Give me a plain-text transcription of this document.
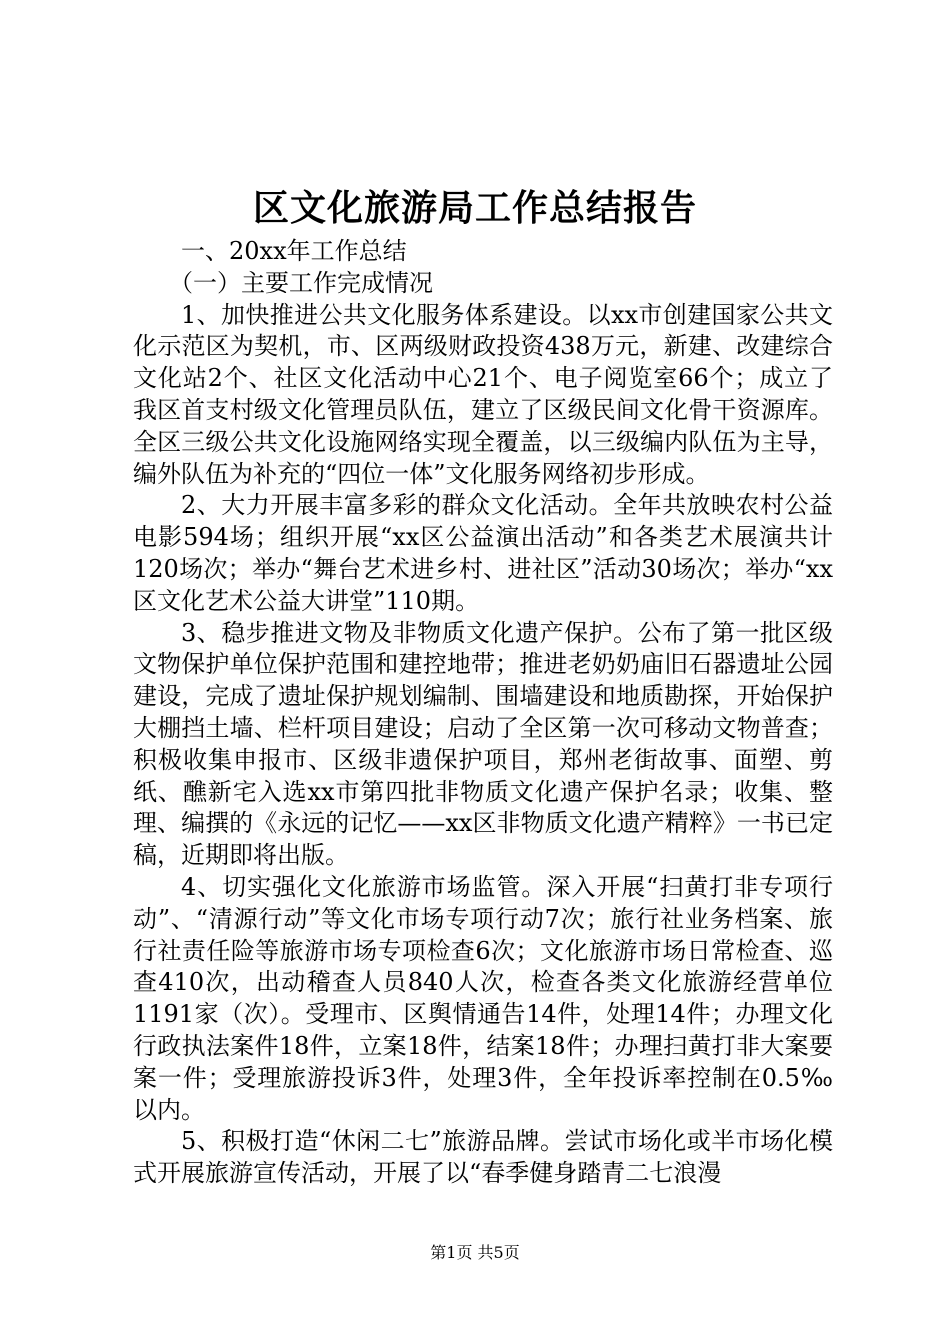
区文化旅游局工作总结报告

一、20xx年工作总结

（一）主要工作完成情况

1、加快推进公共文化服务体系建设。以xx市创建国家公共文化示范区为契机，市、区两级财政投资438万元，新建、改建综合文化站2个、社区文化活动中心21个、电子阅览室66个；成立了我区首支村级文化管理员队伍，建立了区级民间文化骨干资源库。全区三级公共文化设施网络实现全覆盖，以三级编内队伍为主导，编外队伍为补充的“四位一体”文化服务网络初步形成。

2、大力开展丰富多彩的群众文化活动。全年共放映农村公益电影594场；组织开展“xx区公益演出活动”和各类艺术展演共计120场次；举办“舞台艺术进乡村、进社区”活动30场次；举办“xx区文化艺术公益大讲堂”110期。

3、稳步推进文物及非物质文化遗产保护。公布了第一批区级文物保护单位保护范围和建控地带；推进老奶奶庙旧石器遗址公园建设，完成了遗址保护规划编制、围墙建设和地质勘探，开始保护大棚挡土墙、栏杆项目建设；启动了全区第一次可移动文物普查；积极收集申报市、区级非遗保护项目，郑州老街故事、面塑、剪纸、醮新宅入选xx市第四批非物质文化遗产保护名录；收集、整理、编撰的《永远的记忆——xx区非物质文化遗产精粹》一书已定稿，近期即将出版。

4、切实强化文化旅游市场监管。深入开展“扫黄打非专项行动”、“清源行动”等文化市场专项行动7次；旅行社业务档案、旅行社责任险等旅游市场专项检查6次；文化旅游市场日常检查、巡查410次，出动稽查人员840人次，检查各类文化旅游经营单位1191家（次）。受理市、区舆情通告14件，处理14件；办理文化行政执法案件18件，立案18件，结案18件；办理扫黄打非大案要案一件；受理旅游投诉3件，处理3件，全年投诉率控制在0.5‰以内。

5、积极打造“休闲二七”旅游品牌。尝试市场化或半市场化模式开展旅游宣传活动，开展了以“春季健身踏青二七浪漫

第1页 共5页
